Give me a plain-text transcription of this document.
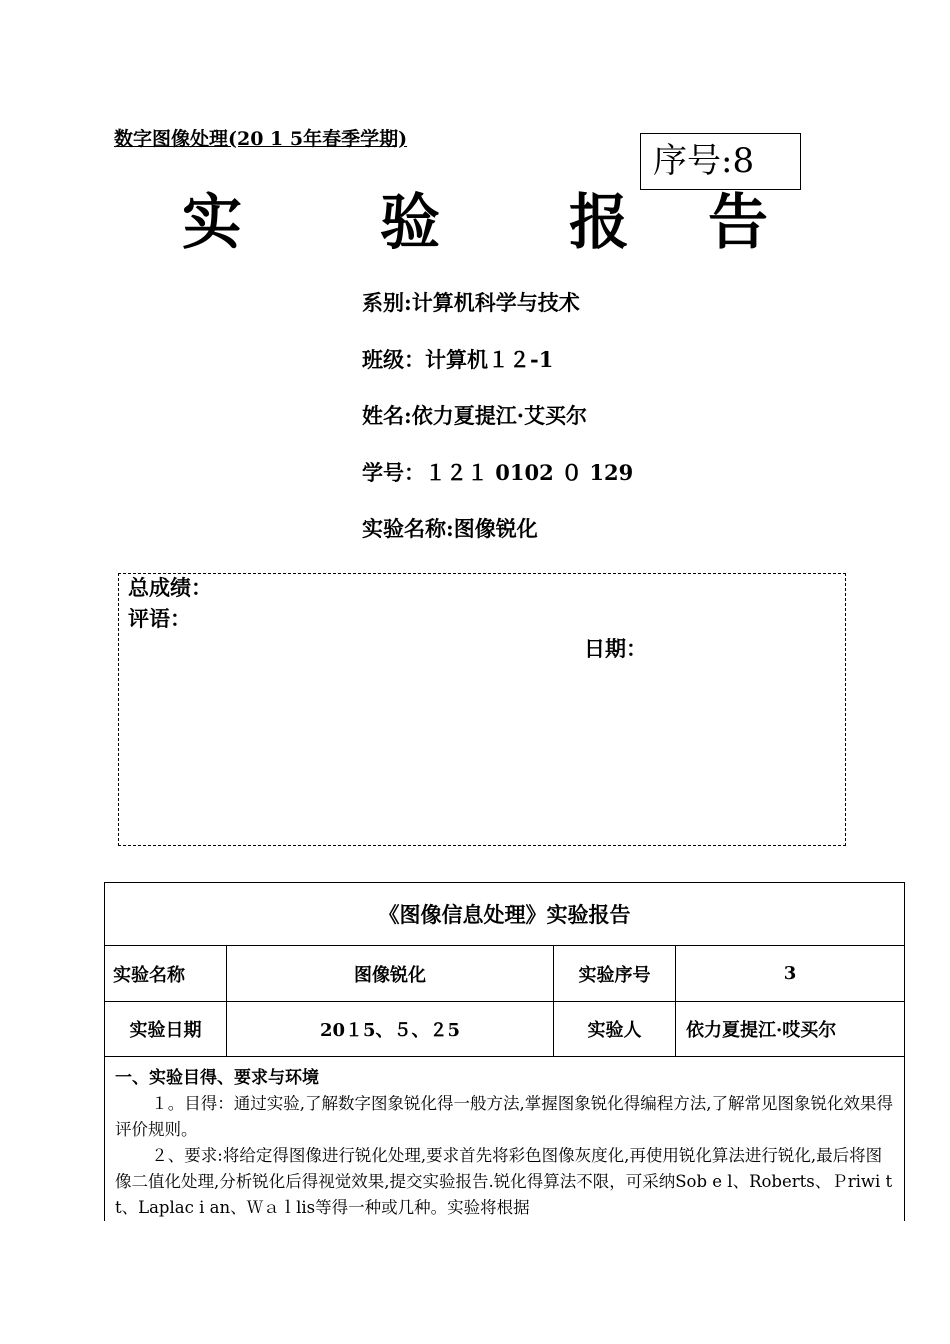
数字图像处理(20 1 5年春季学期)
序号:8
实 验 报 告
系别:计算机科学与技术
班级：计算机１２-1
姓名:依力夏提江·艾买尔
学号：１２１ 0102 ０ 129
实验名称:图像锐化
总成绩：
评语：
日期：
《图像信息处理》实验报告			
实验名称	图像锐化	实验序号	3
实验日期	20１5、５、２5	实验人	依力夏提江·哎买尔

一、实验目得、要求与环境
１。目得：通过实验,了解数字图象锐化得一般方法,掌握图象锐化得编程方法,了解常见图象锐化效果得评价规则。
２、要求:将给定得图像进行锐化处理,要求首先将彩色图像灰度化,再使用锐化算法进行锐化,最后将图像二值化处理,分析锐化后得视觉效果,提交实验报告.锐化得算法不限，可采纳Sob e l、Roberts、Ｐriwi t t、Laplac i an、Ｗａｌlis等得一种或几种。实验将根据			
